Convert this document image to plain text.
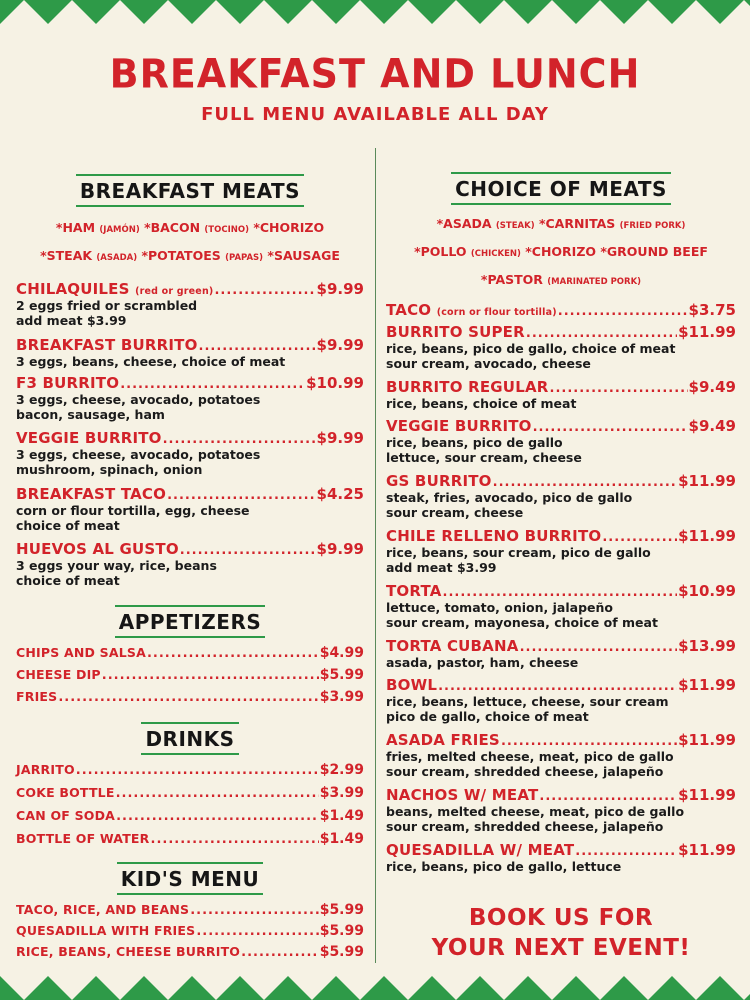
BREAKFAST AND LUNCH
FULL MENU AVAILABLE ALL DAY
BREAKFAST MEATS
*HAM (JAMÓN) *BACON (TOCINO) *CHORIZO
*STEAK (ASADA) *POTATOES (PAPAS) *SAUSAGE
CHILAQUILES (red or green) .....	$9.99
2 eggs fried or scrambled
add meat $3.99
BREAKFAST BURRITO .....	$9.99
3 eggs, beans, cheese, choice of meat
F3 BURRITO .....	$10.99
3 eggs, cheese, avocado, potatoes
bacon, sausage, ham
VEGGIE BURRITO .....	$9.99
3 eggs, cheese, avocado, potatoes
mushroom, spinach, onion
BREAKFAST TACO .....	$4.25
corn or flour tortilla, egg, cheese
choice of meat
HUEVOS AL GUSTO .....	$9.99
3 eggs your way, rice, beans
choice of meat
APPETIZERS
CHIPS AND SALSA .....	$4.99
CHEESE DIP .....	$5.99
FRIES .....	$3.99
DRINKS
JARRITO .....	$2.99
COKE BOTTLE .....	$3.99
CAN OF SODA .....	$1.49
BOTTLE OF WATER .....	$1.49
KID'S MENU
TACO, RICE, AND BEANS .....	$5.99
QUESADILLA WITH FRIES .....	$5.99
RICE, BEANS, CHEESE BURRITO .....	$5.99
CHOICE OF MEATS
*ASADA (STEAK) *CARNITAS (FRIED PORK)
*POLLO (CHICKEN) *CHORIZO *GROUND BEEF
*PASTOR (MARINATED PORK)
TACO (corn or flour tortilla) .....	$3.75
BURRITO SUPER .....	$11.99
rice, beans, pico de gallo, choice of meat
sour cream, avocado, cheese
BURRITO REGULAR .....	$9.49
rice, beans, choice of meat
VEGGIE BURRITO .....	$9.49
rice, beans, pico de gallo
lettuce, sour cream, cheese
GS BURRITO .....	$11.99
steak, fries, avocado, pico de gallo
sour cream, cheese
CHILE RELLENO BURRITO .....	$11.99
rice, beans, sour cream, pico de gallo
add meat $3.99
TORTA .....	$10.99
lettuce, tomato, onion, jalapeño
sour cream, mayonesa, choice of meat
TORTA CUBANA .....	$13.99
asada, pastor, ham, cheese
BOWL .....	$11.99
rice, beans, lettuce, cheese, sour cream
pico de gallo, choice of meat
ASADA FRIES .....	$11.99
fries, melted cheese, meat, pico de gallo
sour cream, shredded cheese, jalapeño
NACHOS W/ MEAT .....	$11.99
beans, melted cheese, meat, pico de gallo
sour cream, shredded cheese, jalapeño
QUESADILLA W/ MEAT .....	$11.99
rice, beans, pico de gallo, lettuce
BOOK US FOR
YOUR NEXT EVENT!
